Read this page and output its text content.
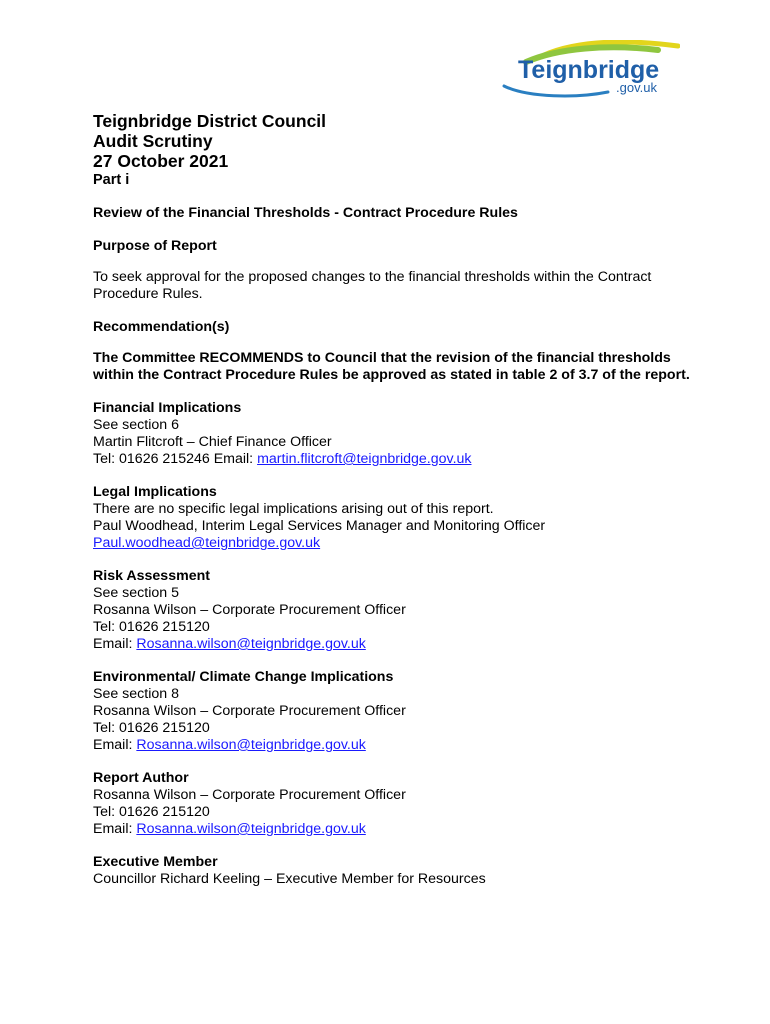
Teignbridge
.gov.uk
Teignbridge District Council
Audit Scrutiny
27 October 2021
Part i
Review of the Financial Thresholds - Contract Procedure Rules
Purpose of Report

To seek approval for the proposed changes to the financial thresholds within the Contract Procedure Rules.

Recommendation(s)

The Committee RECOMMENDS to Council that the revision of the financial thresholds within the Contract Procedure Rules be approved as stated in table 2 of 3.7 of the report.

Financial Implications
See section 6
Martin Flitcroft – Chief Finance Officer
Tel: 01626 215246 Email: martin.flitcroft@teignbridge.gov.uk
Legal Implications
There are no specific legal implications arising out of this report.
Paul Woodhead, Interim Legal Services Manager and Monitoring Officer
Paul.woodhead@teignbridge.gov.uk
Risk Assessment
See section 5
Rosanna Wilson – Corporate Procurement Officer
Tel: 01626 215120
Email: Rosanna.wilson@teignbridge.gov.uk
Environmental/ Climate Change Implications
See section 8
Rosanna Wilson – Corporate Procurement Officer
Tel: 01626 215120
Email: Rosanna.wilson@teignbridge.gov.uk
Report Author
Rosanna Wilson – Corporate Procurement Officer
Tel: 01626 215120
Email: Rosanna.wilson@teignbridge.gov.uk
Executive Member
Councillor Richard Keeling – Executive Member for Resources
